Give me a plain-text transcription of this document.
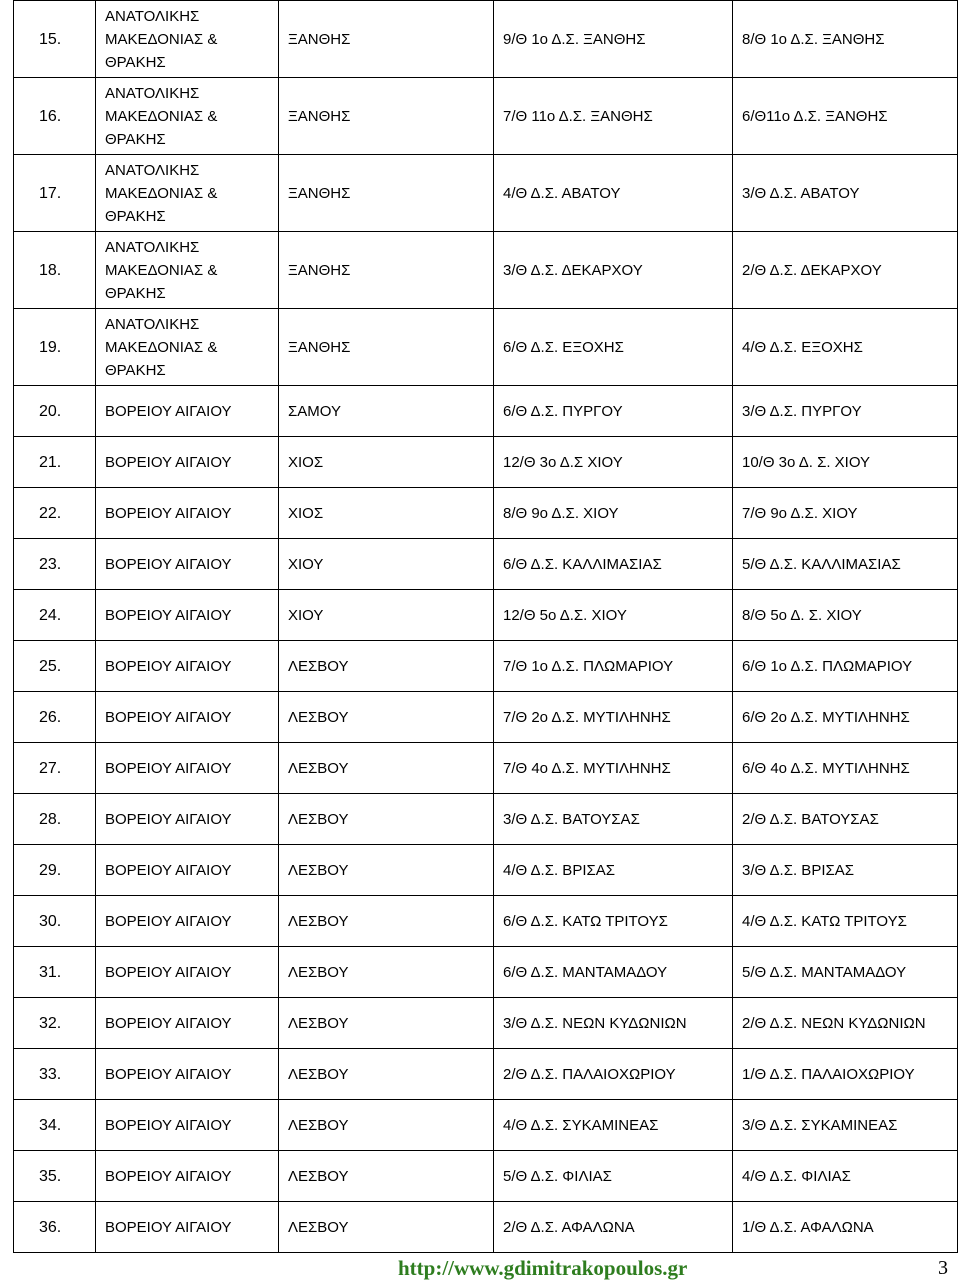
15.	ΑΝΑΤΟΛΙΚΗΣ
ΜΑΚΕΔΟΝΙΑΣ &
ΘΡΑΚΗΣ	ΞΑΝΘΗΣ	9/Θ 1ο Δ.Σ. ΞΑΝΘΗΣ	8/Θ 1ο Δ.Σ. ΞΑΝΘΗΣ
16.	ΑΝΑΤΟΛΙΚΗΣ
ΜΑΚΕΔΟΝΙΑΣ &
ΘΡΑΚΗΣ	ΞΑΝΘΗΣ	7/Θ 11ο Δ.Σ. ΞΑΝΘΗΣ	6/Θ11ο Δ.Σ. ΞΑΝΘΗΣ
17.	ΑΝΑΤΟΛΙΚΗΣ
ΜΑΚΕΔΟΝΙΑΣ &
ΘΡΑΚΗΣ	ΞΑΝΘΗΣ	4/Θ Δ.Σ. ΑΒΑΤΟΥ	3/Θ Δ.Σ. ΑΒΑΤΟΥ
18.	ΑΝΑΤΟΛΙΚΗΣ
ΜΑΚΕΔΟΝΙΑΣ &
ΘΡΑΚΗΣ	ΞΑΝΘΗΣ	3/Θ Δ.Σ. ΔΕΚΑΡΧΟΥ	2/Θ Δ.Σ. ΔΕΚΑΡΧΟΥ
19.	ΑΝΑΤΟΛΙΚΗΣ
ΜΑΚΕΔΟΝΙΑΣ &
ΘΡΑΚΗΣ	ΞΑΝΘΗΣ	6/Θ Δ.Σ. ΕΞΟΧΗΣ	4/Θ Δ.Σ. ΕΞΟΧΗΣ
20.	ΒΟΡΕΙΟΥ ΑΙΓΑΙΟΥ	ΣΑΜΟΥ	6/Θ Δ.Σ. ΠΥΡΓΟΥ	3/Θ Δ.Σ. ΠΥΡΓΟΥ
21.	ΒΟΡΕΙΟΥ ΑΙΓΑΙΟΥ	ΧΙΟΣ	12/Θ 3ο Δ.Σ ΧΙΟΥ	10/Θ 3ο Δ. Σ. ΧΙΟΥ
22.	ΒΟΡΕΙΟΥ ΑΙΓΑΙΟΥ	ΧΙΟΣ	8/Θ 9ο Δ.Σ. ΧΙΟΥ	7/Θ 9ο Δ.Σ. ΧΙΟΥ
23.	ΒΟΡΕΙΟΥ ΑΙΓΑΙΟΥ	ΧΙΟΥ	6/Θ Δ.Σ. ΚΑΛΛΙΜΑΣΙΑΣ	5/Θ Δ.Σ. ΚΑΛΛΙΜΑΣΙΑΣ
24.	ΒΟΡΕΙΟΥ ΑΙΓΑΙΟΥ	ΧΙΟΥ	12/Θ 5ο Δ.Σ. ΧΙΟΥ	8/Θ 5ο Δ. Σ. ΧΙΟΥ
25.	ΒΟΡΕΙΟΥ ΑΙΓΑΙΟΥ	ΛΕΣΒΟΥ	7/Θ 1ο Δ.Σ. ΠΛΩΜΑΡΙΟΥ	6/Θ 1ο Δ.Σ. ΠΛΩΜΑΡΙΟΥ
26.	ΒΟΡΕΙΟΥ ΑΙΓΑΙΟΥ	ΛΕΣΒΟΥ	7/Θ 2ο Δ.Σ. ΜΥΤΙΛΗΝΗΣ	6/Θ 2ο Δ.Σ. ΜΥΤΙΛΗΝΗΣ
27.	ΒΟΡΕΙΟΥ ΑΙΓΑΙΟΥ	ΛΕΣΒΟΥ	7/Θ 4ο Δ.Σ. ΜΥΤΙΛΗΝΗΣ	6/Θ 4ο Δ.Σ. ΜΥΤΙΛΗΝΗΣ
28.	ΒΟΡΕΙΟΥ ΑΙΓΑΙΟΥ	ΛΕΣΒΟΥ	3/Θ Δ.Σ. ΒΑΤΟΥΣΑΣ	2/Θ Δ.Σ. ΒΑΤΟΥΣΑΣ
29.	ΒΟΡΕΙΟΥ ΑΙΓΑΙΟΥ	ΛΕΣΒΟΥ	4/Θ Δ.Σ. ΒΡΙΣΑΣ	3/Θ Δ.Σ. ΒΡΙΣΑΣ
30.	ΒΟΡΕΙΟΥ ΑΙΓΑΙΟΥ	ΛΕΣΒΟΥ	6/Θ Δ.Σ. ΚΑΤΩ ΤΡΙΤΟΥΣ	4/Θ Δ.Σ. ΚΑΤΩ ΤΡΙΤΟΥΣ
31.	ΒΟΡΕΙΟΥ ΑΙΓΑΙΟΥ	ΛΕΣΒΟΥ	6/Θ Δ.Σ. ΜΑΝΤΑΜΑΔΟΥ	5/Θ Δ.Σ. ΜΑΝΤΑΜΑΔΟΥ
32.	ΒΟΡΕΙΟΥ ΑΙΓΑΙΟΥ	ΛΕΣΒΟΥ	3/Θ Δ.Σ. ΝΕΩΝ ΚΥΔΩΝΙΩΝ	2/Θ Δ.Σ. ΝΕΩΝ ΚΥΔΩΝΙΩΝ
33.	ΒΟΡΕΙΟΥ ΑΙΓΑΙΟΥ	ΛΕΣΒΟΥ	2/Θ Δ.Σ. ΠΑΛΑΙΟΧΩΡΙΟΥ	1/Θ Δ.Σ. ΠΑΛΑΙΟΧΩΡΙΟΥ
34.	ΒΟΡΕΙΟΥ ΑΙΓΑΙΟΥ	ΛΕΣΒΟΥ	4/Θ Δ.Σ. ΣΥΚΑΜΙΝΕΑΣ	3/Θ Δ.Σ. ΣΥΚΑΜΙΝΕΑΣ
35.	ΒΟΡΕΙΟΥ ΑΙΓΑΙΟΥ	ΛΕΣΒΟΥ	5/Θ Δ.Σ. ΦΙΛΙΑΣ	4/Θ Δ.Σ. ΦΙΛΙΑΣ
36.	ΒΟΡΕΙΟΥ ΑΙΓΑΙΟΥ	ΛΕΣΒΟΥ	2/Θ Δ.Σ. ΑΦΑΛΩΝΑ	1/Θ Δ.Σ. ΑΦΑΛΩΝΑ
http://www.gdimitrakopoulos.gr	3
